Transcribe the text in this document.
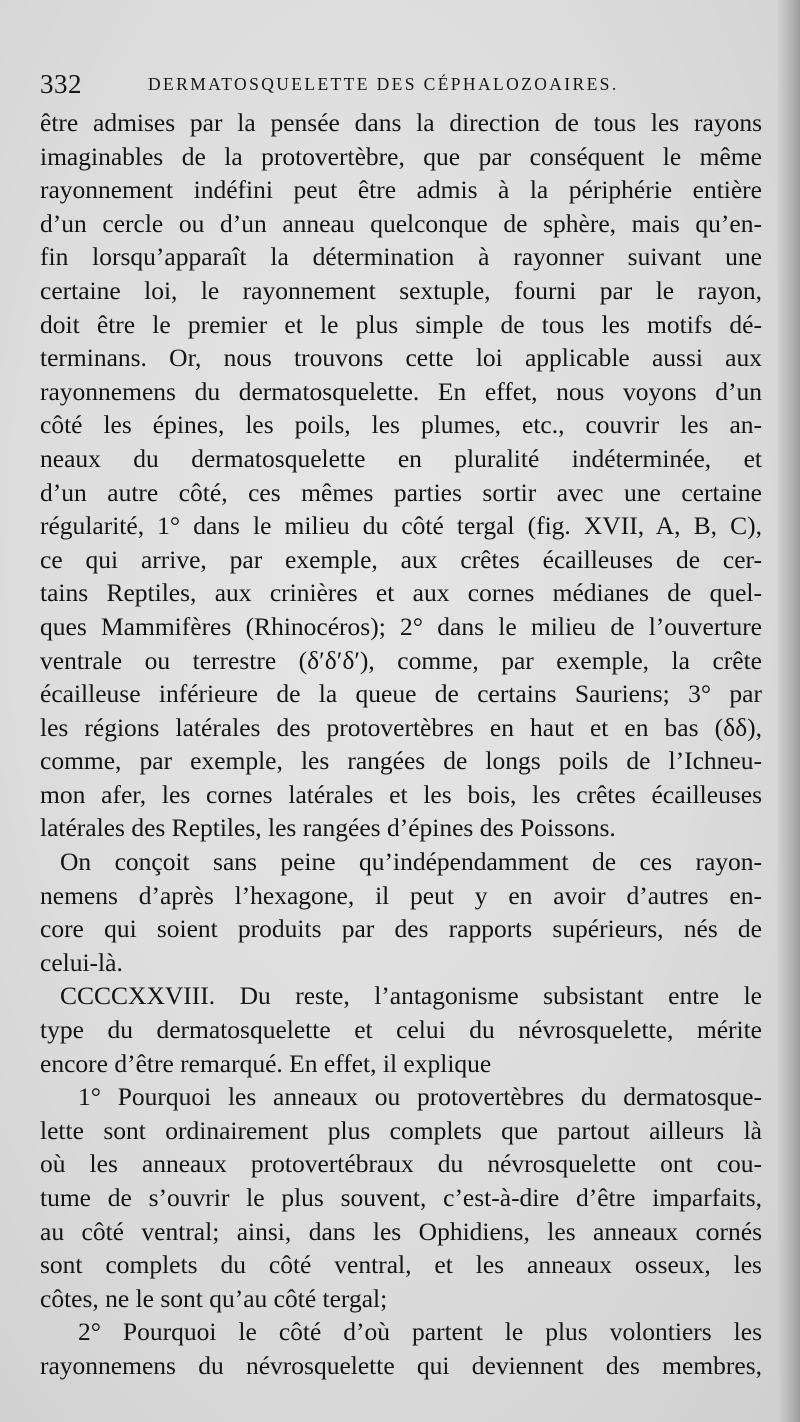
332	DERMATOSQUELETTE DES CÉPHALOZOAIRES.
être admises par la pensée dans la direction de tous les rayons
imaginables de la protovertèbre, que par conséquent le même
rayonnement indéfini peut être admis à la périphérie entière
d’un cercle ou d’un anneau quelconque de sphère, mais qu’en-
fin lorsqu’apparaît la détermination à rayonner suivant une
certaine loi, le rayonnement sextuple, fourni par le rayon,
doit être le premier et le plus simple de tous les motifs dé-
terminans. Or, nous trouvons cette loi applicable aussi aux
rayonnemens du dermatosquelette. En effet, nous voyons d’un
côté les épines, les poils, les plumes, etc., couvrir les an-
neaux du dermatosquelette en pluralité indéterminée, et
d’un autre côté, ces mêmes parties sortir avec une certaine
régularité, 1° dans le milieu du côté tergal (fig. XVII, A, B, C),
ce qui arrive, par exemple, aux crêtes écailleuses de cer-
tains Reptiles, aux crinières et aux cornes médianes de quel-
ques Mammifères (Rhinocéros); 2° dans le milieu de l’ouverture
ventrale ou terrestre (δ′δ′δ′), comme, par exemple, la crête
écailleuse inférieure de la queue de certains Sauriens; 3° par
les régions latérales des protovertèbres en haut et en bas (δδ),
comme, par exemple, les rangées de longs poils de l’Ichneu-
mon afer, les cornes latérales et les bois, les crêtes écailleuses
latérales des Reptiles, les rangées d’épines des Poissons.
On conçoit sans peine qu’indépendamment de ces rayon-
nemens d’après l’hexagone, il peut y en avoir d’autres en-
core qui soient produits par des rapports supérieurs, nés de
celui-là.
CCCCXXVIII. Du reste, l’antagonisme subsistant entre le
type du dermatosquelette et celui du névrosquelette, mérite
encore d’être remarqué. En effet, il explique
1° Pourquoi les anneaux ou protovertèbres du dermatosque-
lette sont ordinairement plus complets que partout ailleurs là
où les anneaux protovertébraux du névrosquelette ont cou-
tume de s’ouvrir le plus souvent, c’est-à-dire d’être imparfaits,
au côté ventral; ainsi, dans les Ophidiens, les anneaux cornés
sont complets du côté ventral, et les anneaux osseux, les
côtes, ne le sont qu’au côté tergal;
2° Pourquoi le côté d’où partent le plus volontiers les
rayonnemens du névrosquelette qui deviennent des membres,
